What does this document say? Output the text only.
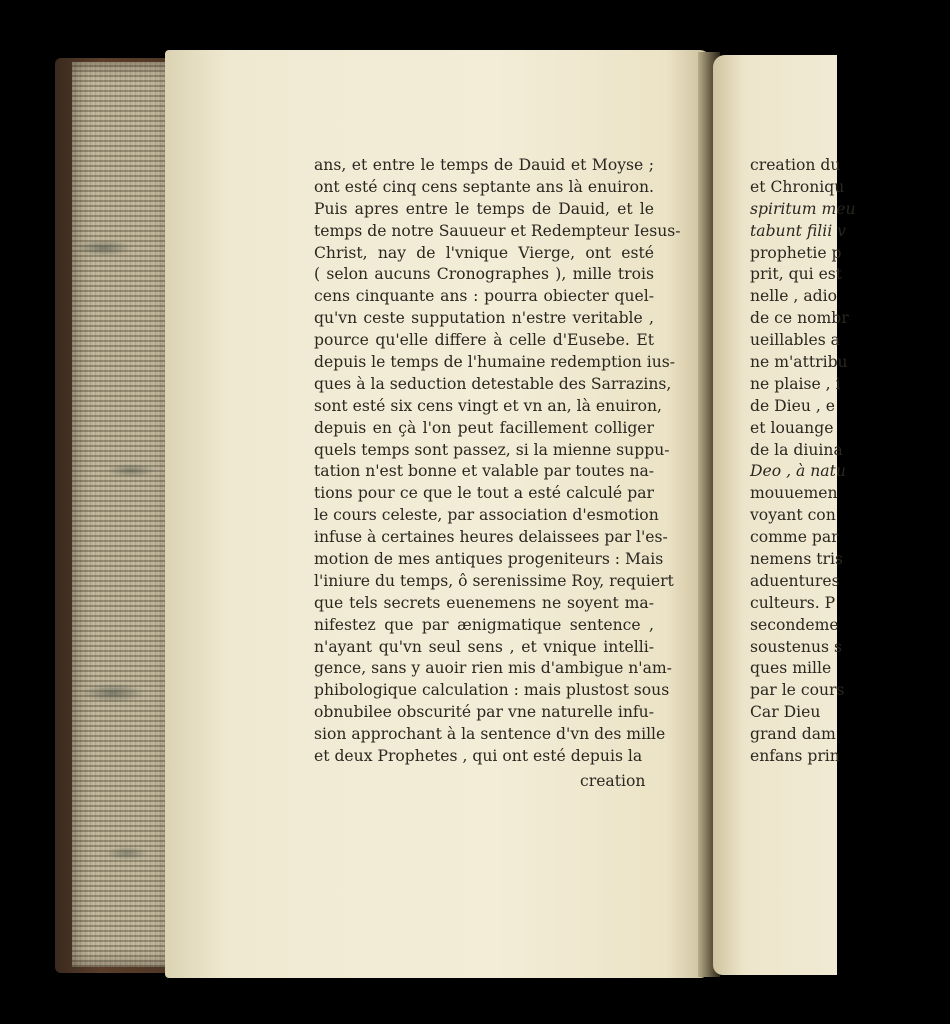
creation du
et Chroniqu
spiritum meu
tabunt filii v
prophetie p
prit, qui est
nelle , adio
de ce nombr
ueillables a
ne m'attribu
ne plaise , i
de Dieu , e
et louange
de la diuina
Deo , à natu
mouuemen
voyant con
comme par
nemens tris
aduentures
culteurs. P
secondeme
soustenus s
ques mille
par le cours
Car Dieu
grand dam
enfans prin
ans, et entre le temps de Dauid et Moyse ;
ont esté cinq cens septante ans là enuiron.
Puis apres entre le temps de Dauid, et le
temps de notre Sauueur et Redempteur Iesus-
Christ, nay de l'vnique Vierge, ont esté
( selon aucuns Cronographes ), mille trois
cens cinquante ans : pourra obiecter quel-
qu'vn ceste supputation n'estre veritable ,
pource qu'elle differe à celle d'Eusebe. Et
depuis le temps de l'humaine redemption ius-
ques à la seduction detestable des Sarrazins,
sont esté six cens vingt et vn an, là enuiron,
depuis en çà l'on peut facillement colliger
quels temps sont passez, si la mienne suppu-
tation n'est bonne et valable par toutes na-
tions pour ce que le tout a esté calculé par
le cours celeste, par association d'esmotion
infuse à certaines heures delaissees par l'es-
motion de mes antiques progeniteurs : Mais
l'iniure du temps, ô serenissime Roy, requiert
que tels secrets euenemens ne soyent ma-
nifestez que par ænigmatique sentence ,
n'ayant qu'vn seul sens , et vnique intelli-
gence, sans y auoir rien mis d'ambigue n'am-
phibologique calculation : mais plustost sous
obnubilee obscurité par vne naturelle infu-
sion approchant à la sentence d'vn des mille
et deux Prophetes , qui ont esté depuis la
creation
